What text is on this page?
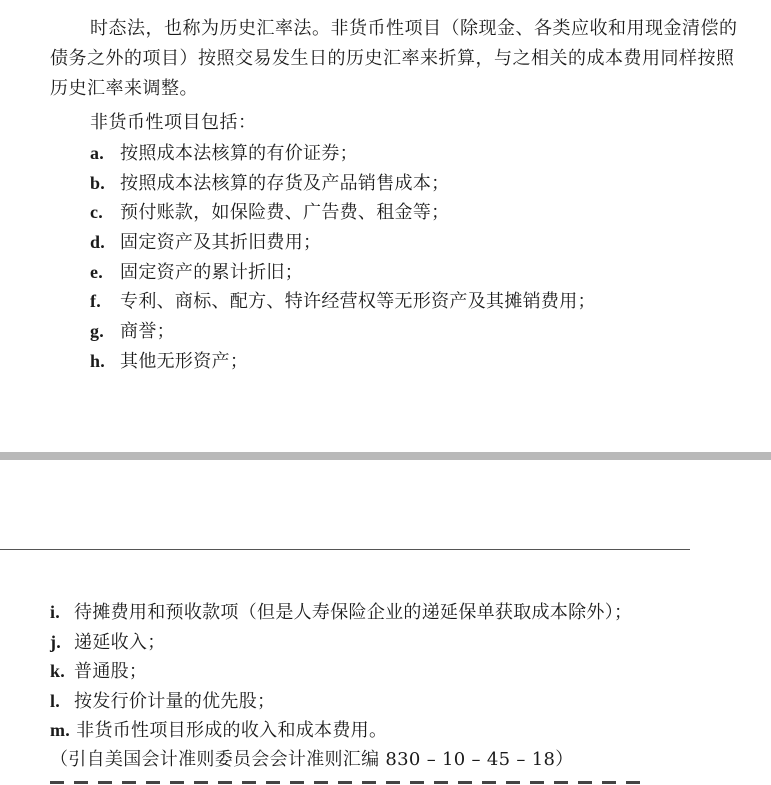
时态法，也称为历史汇率法。非货币性项目（除现金、各类应收和用现金清偿的债务之外的项目）按照交易发生日的历史汇率来折算，与之相关的成本费用同样按照历史汇率来调整。
非货币性项目包括：
a. 按照成本法核算的有价证券；
b. 按照成本法核算的存货及产品销售成本；
c. 预付账款，如保险费、广告费、租金等；
d. 固定资产及其折旧费用；
e. 固定资产的累计折旧；
f. 专利、商标、配方、特许经营权等无形资产及其摊销费用；
g. 商誉；
h. 其他无形资产；
i. 待摊费用和预收款项（但是人寿保险企业的递延保单获取成本除外）；
j. 递延收入；
k. 普通股；
l. 按发行价计量的优先股；
m. 非货币性项目形成的收入和成本费用。
（引自美国会计准则委员会会计准则汇编 830 – 10 – 45 – 18）
